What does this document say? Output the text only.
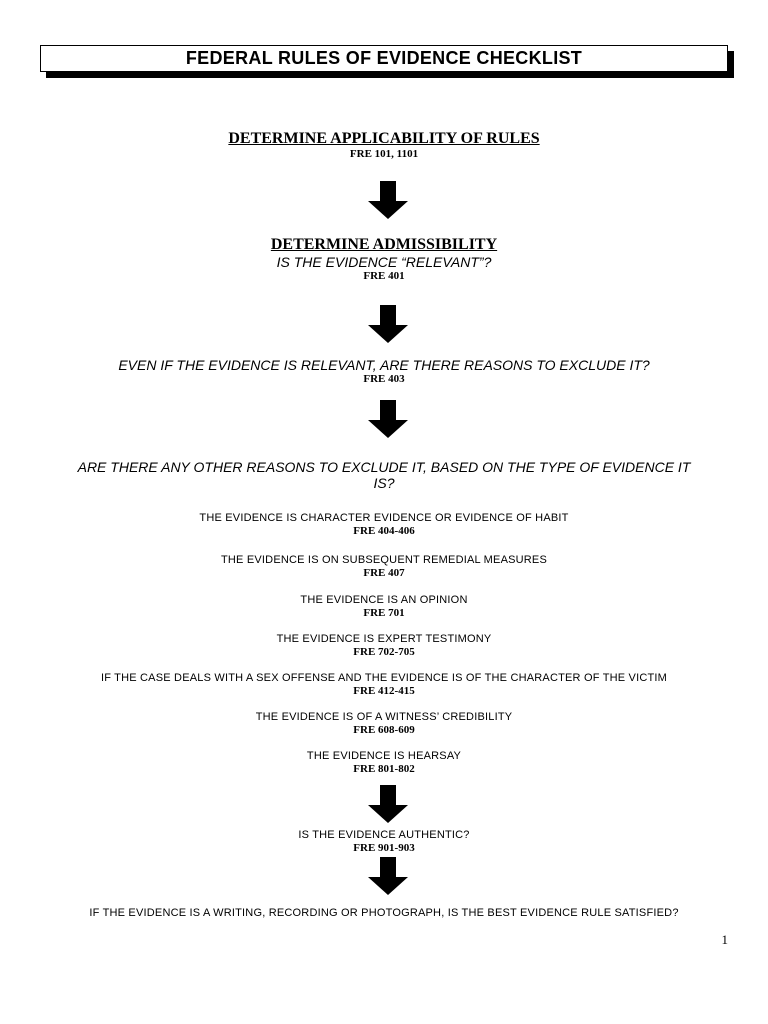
FEDERAL RULES OF EVIDENCE CHECKLIST
DETERMINE APPLICABILITY OF RULES
FRE 101, 1101
DETERMINE ADMISSIBILITY
IS THE EVIDENCE “RELEVANT”?
FRE 401
EVEN IF THE EVIDENCE IS RELEVANT, ARE THERE REASONS TO EXCLUDE IT?
FRE 403
ARE THERE ANY OTHER REASONS TO EXCLUDE IT, BASED ON THE TYPE OF EVIDENCE IT
IS?
THE EVIDENCE IS CHARACTER EVIDENCE OR EVIDENCE OF HABIT
FRE 404-406
THE EVIDENCE IS ON SUBSEQUENT REMEDIAL MEASURES
FRE 407
THE EVIDENCE IS AN OPINION
FRE 701
THE EVIDENCE IS EXPERT TESTIMONY
FRE 702-705
IF THE CASE DEALS WITH A SEX OFFENSE AND THE EVIDENCE IS OF THE CHARACTER OF THE VICTIM
FRE 412-415
THE EVIDENCE IS OF A WITNESS’ CREDIBILITY
FRE 608-609
THE EVIDENCE IS HEARSAY
FRE 801-802
IS THE EVIDENCE AUTHENTIC?
FRE 901-903
IF THE EVIDENCE IS A WRITING, RECORDING OR PHOTOGRAPH, IS THE BEST EVIDENCE RULE SATISFIED?
1
